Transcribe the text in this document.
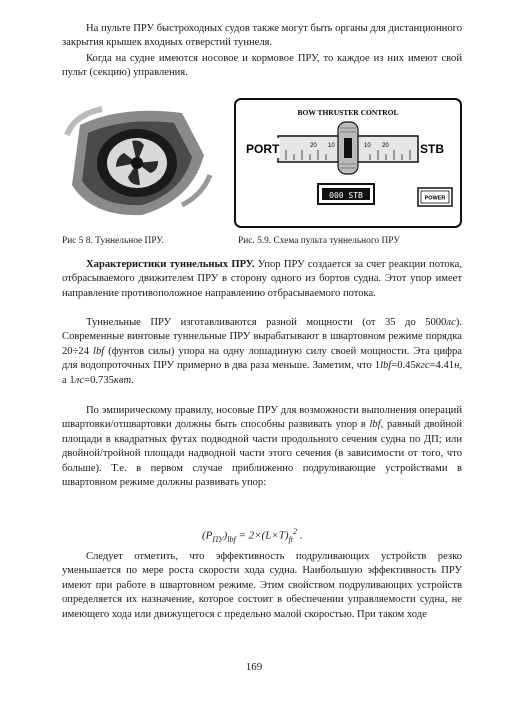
На пульте ПРУ быстроходных судов также могут быть органы для дистанционного закрытия крышек входных отверстий туннеля.

Когда на судне имеются носовое и кормовое ПРУ, то каждое из них имеют свой пульт (секцию) управления.

BOW THRUSTER CONTROL
20 10	10 20
PORT	STB
000 STB	POWER
Рис 5 8. Туннельное ПРУ.	Рис. 5.9. Схема пульта туннельного ПРУ

Характеристики туннельных ПРУ. Упор ПРУ создается за счет реакции потока, отбрасываемого движителем ПРУ в сторону одного из бортов судна. Этот упор имеет направление противоположное направлению отбрасываемого потока.

Туннельные ПРУ изготавливаются разной мощности (от 35 до 5000лс). Современные винтовые туннельные ПРУ вырабатывают в швартовном режиме порядка 20÷24 lbf (фунтов силы) упора на одну лошадиную силу своей мощности. Эта цифра для водопроточных ПРУ примерно в два раза меньше. Заметим, что 1lbf=0.45кгс=4.41н, а 1лс=0.735квт.

По эмпирическому правилу, носовые ПРУ для возможности выполнения операций швартовки/отшвартовки должны быть способны развивать упор в lbf, равный двойной площади в квадратных футах подводной части продольного сечения судна по ДП; или двойной/тройной площади надводной части этого сечения (в зависимости от того, что больше). Т.е. в первом случае приближенно подруливающие устройствами в швартовном режиме должны развивать упор:

$(P_{ПУ})_{lbf} = 2\times(L\times T)_{ft}^2$ .

Следует отметить, что эффективность подруливающих устройств резко уменьшается по мере роста скорости хода судна. Наибольшую эффективность ПРУ имеют при работе в швартовном режиме. Этим свойством подруливающих устройств определяется их назначение, которое состоит в обеспечении управляемости судна, не имеющего хода или движущегося с предельно малой скоростью. При таком ходе

169
